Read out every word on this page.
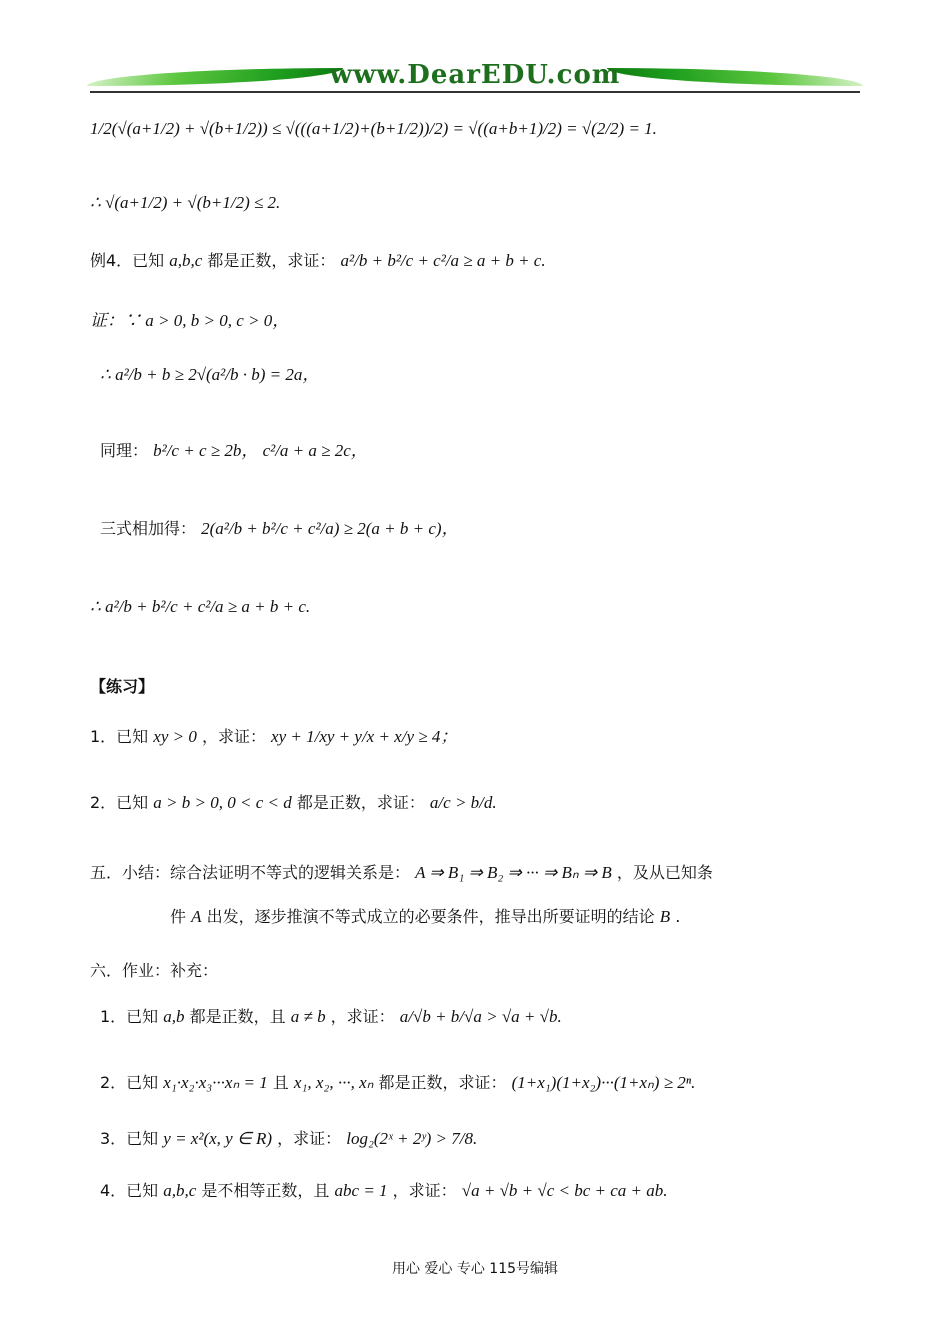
www.DearEDU.com
1/2(√(a+1/2) + √(b+1/2)) ≤ √(((a+1/2)+(b+1/2))/2) = √((a+b+1)/2) = √(2/2) = 1.
∴ √(a+1/2) + √(b+1/2) ≤ 2.
例4．已知 a,b,c 都是正数，求证： a²/b + b²/c + c²/a ≥ a + b + c.
证：∵ a > 0, b > 0, c > 0，
∴ a²/b + b ≥ 2√(a²/b · b) = 2a，
同理： b²/c + c ≥ 2b， c²/a + a ≥ 2c，
三式相加得： 2(a²/b + b²/c + c²/a) ≥ 2(a + b + c)，
∴ a²/b + b²/c + c²/a ≥ a + b + c.
【练习】
1．已知 xy > 0 ，求证： xy + 1/xy + y/x + x/y ≥ 4；
2．已知 a > b > 0, 0 < c < d 都是正数，求证： a/c > b/d.
五．小结：综合法证明不等式的逻辑关系是： A ⇒ B₁ ⇒ B₂ ⇒ ··· ⇒ Bₙ ⇒ B ，及从已知条
件 A 出发，逐步推演不等式成立的必要条件，推导出所要证明的结论 B .
六．作业：补充：
1．已知 a,b 都是正数，且 a ≠ b ，求证： a/√b + b/√a > √a + √b.
2．已知 x₁·x₂·x₃···xₙ = 1 且 x₁, x₂, ···, xₙ 都是正数，求证： (1+x₁)(1+x₂)···(1+xₙ) ≥ 2ⁿ.
3．已知 y = x²(x, y ∈ R) ，求证： log₂(2ˣ + 2ʸ) > 7/8.
4．已知 a,b,c 是不相等正数，且 abc = 1 ，求证： √a + √b + √c < bc + ca + ab.
用心 爱心 专心 115号编辑
